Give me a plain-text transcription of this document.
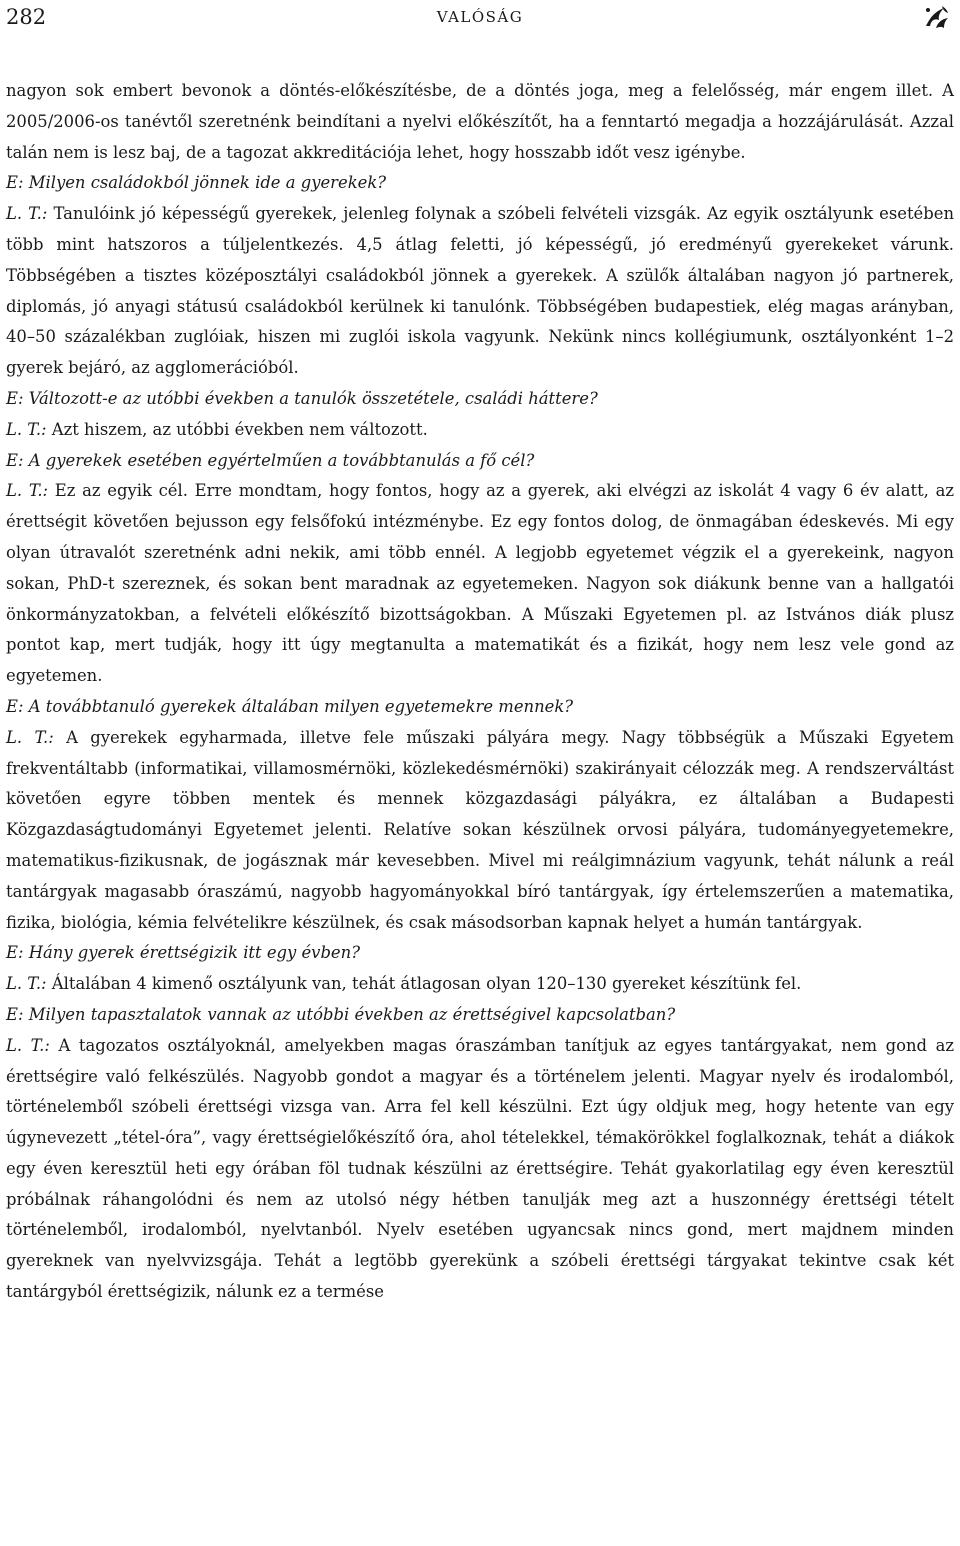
282	VALÓSÁG

nagyon sok embert bevonok a döntés-előkészítésbe, de a döntés joga, meg a felelősség, már engem illet. A 2005/2006-os tanévtől szeretnénk beindítani a nyelvi előkészítőt, ha a fenntartó megadja a hozzájárulását. Azzal talán nem is lesz baj, de a tagozat akkreditációja lehet, hogy hosszabb időt vesz igénybe.

E: Milyen családokból jönnek ide a gyerekek?

L. T.: Tanulóink jó képességű gyerekek, jelenleg folynak a szóbeli felvételi vizsgák. Az egyik osztályunk esetében több mint hatszoros a túljelentkezés. 4,5 átlag feletti, jó képességű, jó eredményű gyerekeket várunk. Többségében a tisztes középosztályi családokból jönnek a gyerekek. A szülők általában nagyon jó partnerek, diplomás, jó anyagi státusú családokból kerülnek ki tanulónk. Többségében budapestiek, elég magas arányban, 40–50 százalékban zuglóiak, hiszen mi zuglói iskola vagyunk. Nekünk nincs kollégiumunk, osztályonként 1–2 gyerek bejáró, az agglomerációból.

E: Változott-e az utóbbi években a tanulók összetétele, családi háttere?

L. T.: Azt hiszem, az utóbbi években nem változott.

E: A gyerekek esetében egyértelműen a továbbtanulás a fő cél?

L. T.: Ez az egyik cél. Erre mondtam, hogy fontos, hogy az a gyerek, aki elvégzi az iskolát 4 vagy 6 év alatt, az érettségit követően bejusson egy felsőfokú intézménybe. Ez egy fontos dolog, de önmagában édeskevés. Mi egy olyan útravalót szeretnénk adni nekik, ami több ennél. A legjobb egyetemet végzik el a gyerekeink, nagyon sokan, PhD-t szereznek, és sokan bent maradnak az egyetemeken. Nagyon sok diákunk benne van a hallgatói önkormányzatokban, a felvételi előkészítő bizottságokban. A Műszaki Egyetemen pl. az Istvános diák plusz pontot kap, mert tudják, hogy itt úgy megtanulta a matematikát és a fizikát, hogy nem lesz vele gond az egyetemen.

E: A továbbtanuló gyerekek általában milyen egyetemekre mennek?

L. T.: A gyerekek egyharmada, illetve fele műszaki pályára megy. Nagy többségük a Műszaki Egyetem frekventáltabb (informatikai, villamosmérnöki, közlekedésmérnöki) szakirányait célozzák meg. A rendszerváltást követően egyre többen mentek és mennek közgazdasági pályákra, ez általában a Budapesti Közgazdaságtudományi Egyetemet jelenti. Relatíve sokan készülnek orvosi pályára, tudományegyetemekre, matematikus-fizikusnak, de jogásznak már kevesebben. Mivel mi reálgimnázium vagyunk, tehát nálunk a reál tantárgyak magasabb óraszámú, nagyobb hagyományokkal bíró tantárgyak, így értelemszerűen a matematika, fizika, biológia, kémia felvételikre készülnek, és csak másodsorban kapnak helyet a humán tantárgyak.

E: Hány gyerek érettségizik itt egy évben?

L. T.: Általában 4 kimenő osztályunk van, tehát átlagosan olyan 120–130 gyereket készítünk fel.

E: Milyen tapasztalatok vannak az utóbbi években az érettségivel kapcsolatban?

L. T.: A tagozatos osztályoknál, amelyekben magas óraszámban tanítjuk az egyes tantárgyakat, nem gond az érettségire való felkészülés. Nagyobb gondot a magyar és a történelem jelenti. Magyar nyelv és irodalomból, történelemből szóbeli érettségi vizsga van. Arra fel kell készülni. Ezt úgy oldjuk meg, hogy hetente van egy úgynevezett „tétel-óra”, vagy érettségielőkészítő óra, ahol tételekkel, témakörökkel foglalkoznak, tehát a diákok egy éven keresztül heti egy órában föl tudnak készülni az érettségire. Tehát gyakorlatilag egy éven keresztül próbálnak ráhangolódni és nem az utolsó négy hétben tanulják meg azt a huszonnégy érettségi tételt történelemből, irodalomból, nyelvtanból. Nyelv esetében ugyancsak nincs gond, mert majdnem minden gyereknek van nyelvvizsgája. Tehát a legtöbb gyerekünk a szóbeli érettségi tárgyakat tekintve csak két tantárgyból érettségizik, nálunk ez a termése
